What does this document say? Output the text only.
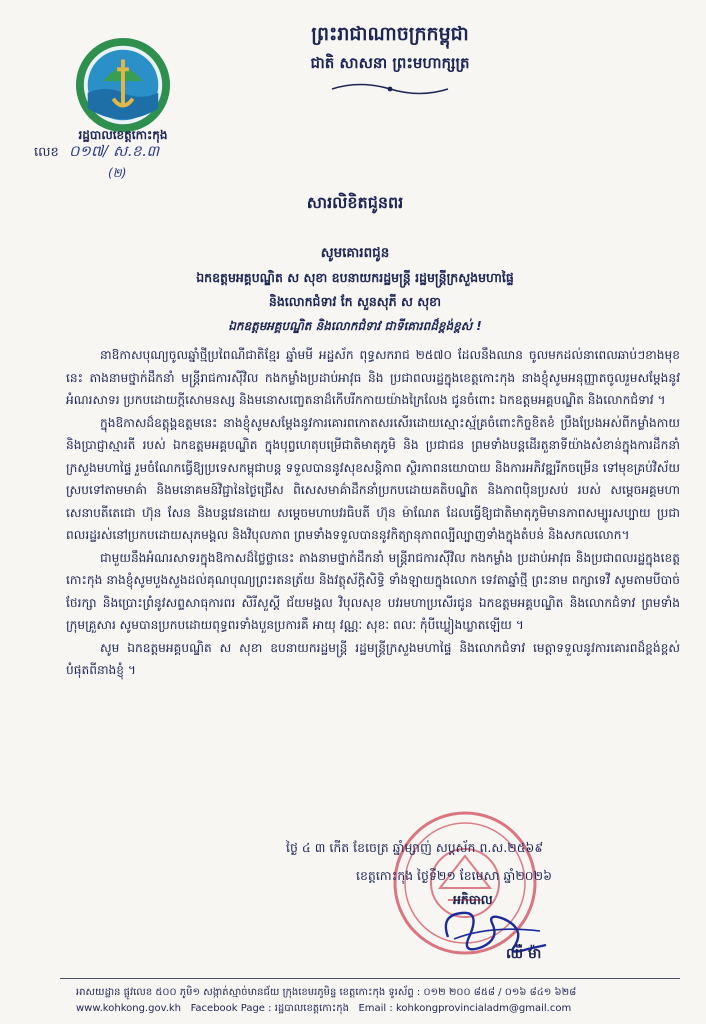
ព្រះរាជាណាចក្រកម្ពុជា
ជាតិ សាសនា ព្រះមហាក្សត្រ
រដ្ឋបាលខេត្តកោះកុង
លេខ ០១៧/ ស.ខ.៣
(២)
សារលិខិតជូនពរ
សូមគោរពជូន
ឯកឧត្តមអគ្គបណ្ឌិត ស សុខា ឧបនាយករដ្ឋមន្ត្រី រដ្ឋមន្ត្រីក្រសួងមហាផ្ទៃ
និងលោកជំទាវ កែ សួនសុភី ស សុខា
ឯកឧត្តមអគ្គបណ្ឌិត និងលោកជំទាវ ជាទីគោរពដ៏ខ្ពង់ខ្ពស់ !

នាឱកាសបុណ្យចូលឆ្នាំថ្មីប្រពៃណីជាតិខ្មែរ ឆ្នាំមមី អដ្ឋស័ក ពុទ្ធសករាជ ២៥៧០ ដែលនឹងឈាន ចូលមកដល់នាពេលឆាប់ៗខាងមុខនេះ តាងនាមថ្នាក់ដឹកនាំ មន្ត្រីរាជការស៊ីវិល កងកម្លាំងប្រដាប់អាវុធ និង ប្រជាពលរដ្ឋក្នុងខេត្តកោះកុង នាងខ្ញុំសូមអនុញ្ញាតចូលរួមសម្តែងនូវអំណរសាទរ ប្រកបដោយក្តីសោមនស្ស និងមនោសញ្ចេតនាដ៏កើបរីកកាយយ៉ាងក្រៃលែង ជូនចំពោះ ឯកឧត្តមអគ្គបណ្ឌិត និងលោកជំទាវ ។

ក្នុងឱកាសដ៏ឧត្តុង្គឧត្តមនេះ នាងខ្ញុំសូមសម្តែងនូវការគោរពកោតសរសើរដោយស្មោះស្ម័គ្រចំពោះកិច្ចខិតខំ ប្រឹងប្រែងអស់ពីកម្លាំងកាយ និងប្រាជ្ញាស្មារតី របស់ ឯកឧត្តមអគ្គបណ្ឌិត ក្នុងបុព្វហេតុបម្រើជាតិមាតុភូមិ និង ប្រជាជន ព្រមទាំងបន្តដើរតួនាទីយ៉ាងសំខាន់ក្នុងការដឹកនាំក្រសួងមហាផ្ទៃ រួមចំណែកធ្វើឱ្យប្រទេសកម្ពុជាបន្ត ទទួលបាននូវសុខសន្តិភាព ស្ថិរភាពនយោបាយ និងការអភិវឌ្ឍរីកចម្រើន ទៅមុខគ្រប់វិស័យ ស្របទៅតាមមាគ៌ា និងមនោគមន៍វិជ្ជានៃថ្ងៃជ្រើស ពិសេសមាគ៌ាដឹកនាំប្រកបដោយគតិបណ្ឌិត និងភាពប៉ិនប្រសប់ របស់ សម្តេចអគ្គមហាសេនាបតីតេជោ ហ៊ុន សែន និងបន្តវេនដោយ សម្តេចមហាបវរធិបតី ហ៊ុន ម៉ាណែត ដែលធ្វើឱ្យជាតិមាតុភូមិមានភាពសម្បូរសប្បាយ ប្រជាពលរដ្ឋរស់នៅប្រកបដោយសុភមង្គល និងវិបុលភាព ព្រមទាំងទទួលបាននូវកិត្យានុភាពល្បីល្បាញទាំងក្នុងតំបន់ និងសកលលោក។

ជាមួយនឹងអំណរសាទរក្នុងឱកាសដ៏ថ្លៃថ្លានេះ តាងនាមថ្នាក់ដឹកនាំ មន្ត្រីរាជការស៊ីវិល កងកម្លាំង ប្រដាប់អាវុធ និងប្រជាពលរដ្ឋក្នុងខេត្តកោះកុង នាងខ្ញុំសូមបួងសួងដល់គុណបុណ្យព្រះរតនត្រ័យ និងវត្ថុស័ក្តិសិទ្ធិ ទាំងឡាយក្នុងលោក ទេវតាឆ្នាំថ្មី ព្រះនាម ពក្សាទេវី សូមតាមបីបាច់ថែរក្សា និងប្រោះព្រំនូវសព្ទសាធុការពរ សិរីសួស្តី ជ័យមង្គល វិបុលសុខ បវរមហាប្រសើរជូន ឯកឧត្តមអគ្គបណ្ឌិត និងលោកជំទាវ ព្រមទាំង ក្រុមគ្រួសារ សូមបានប្រកបដោយពុទ្ធពរទាំងបួនប្រការគឺ អាយុ វណ្ណៈ សុខៈ ពលៈ កុំបីឃ្លៀងឃ្លាតឡើយ ។

សូម ឯកឧត្តមអគ្គបណ្ឌិត ស សុខា ឧបនាយករដ្ឋមន្ត្រី រដ្ឋមន្ត្រីក្រសួងមហាផ្ទៃ និងលោកជំទាវ មេត្តាទទួលនូវការគោរពដ៏ខ្ពង់ខ្ពស់បំផុតពីនាងខ្ញុំ ។

ថ្ងៃ ៤ ៣ កើត ខែចេត្រ ឆ្នាំម្សាញ់ សប្តស័ក ព.ស.២៥៦៩
ខេត្តកោះកុង ថ្ងៃទី២១ ខែមេសា ឆ្នាំ២០២៦
អភិបាល
ឈឺ ម៉ា
អាសយដ្ឋាន ផ្លូវលេខ ៥០០ ភូមិ១ សង្កាត់ស្មាច់មានជ័យ ក្រុងខេមរភូមិន្ទ ខេត្តកោះកុង ទូរស័ព្ទ : ០១២ ២០០ ៨៥៨ / ០១៦ ៨៤១ ៦២៨
www.kohkong.gov.kh Facebook Page : រដ្ឋបាលខេត្តកោះកុង Email : kohkongprovincialadm@gmail.com
